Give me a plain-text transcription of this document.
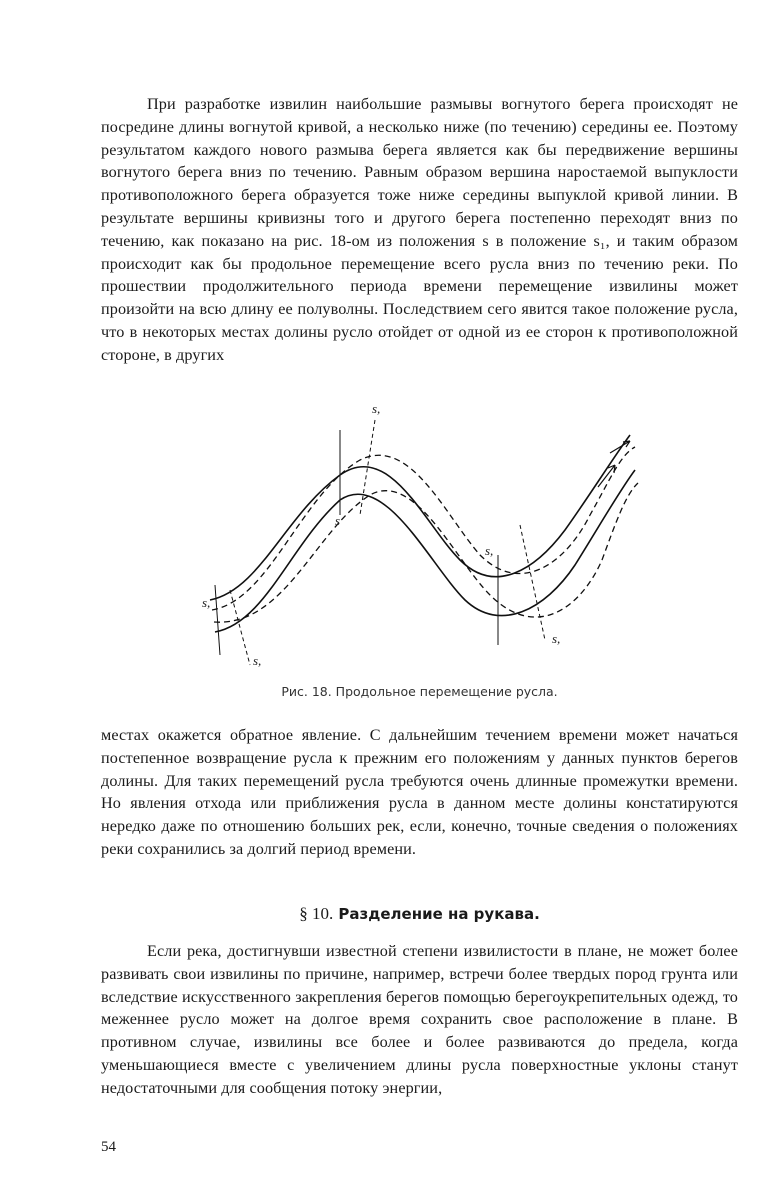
При разработке извилин наибольшие размывы вогнутого берега происходят не посредине длины вогнутой кривой, а несколько ниже (по течению) середины ее. Поэтому результатом каждого нового размыва берега является как бы передвижение вершины вогнутого берега вниз по течению. Равным образом вершина наростаемой выпуклости противоположного берега образуется тоже ниже середины выпуклой кривой линии. В результате вершины кривизны того и другого берега постепенно переходят вниз по течению, как показано на рис. 18-ом из положения s в положение s₁, и таким образом происходит как бы продольное перемещение всего русла вниз по течению реки. По прошествии продолжительного периода времени перемещение извилины может произойти на всю длину ее полуволны. Последствием сего явится такое положение русла, что в некоторых местах долины русло отойдет от одной из ее сторон к противоположной стороне, в других

s,
s
s,
s,
s,
s,
Рис. 18. Продольное перемещение русла.

местах окажется обратное явление. С дальнейшим течением времени может начаться постепенное возвращение русла к прежним его положениям у данных пунктов берегов долины. Для таких перемещений русла требуются очень длинные промежутки времени. Но явления отхода или приближения русла в данном месте долины констатируются нередко даже по отношению больших рек, если, конечно, точные сведения о положениях реки сохранились за долгий период времени.

§ 10. Разделение на рукава.

Если река, достигнувши известной степени извилистости в плане, не может более развивать свои извилины по причине, например, встречи более твердых пород грунта или вследствие искусственного закрепления берегов помощью берегоукрепительных одежд, то меженнее русло может на долгое время сохранить свое расположение в плане. В противном случае, извилины все более и более развиваются до предела, когда уменьшающиеся вместе с увеличением длины русла поверхностные уклоны станут недостаточными для сообщения потоку энергии,

54
